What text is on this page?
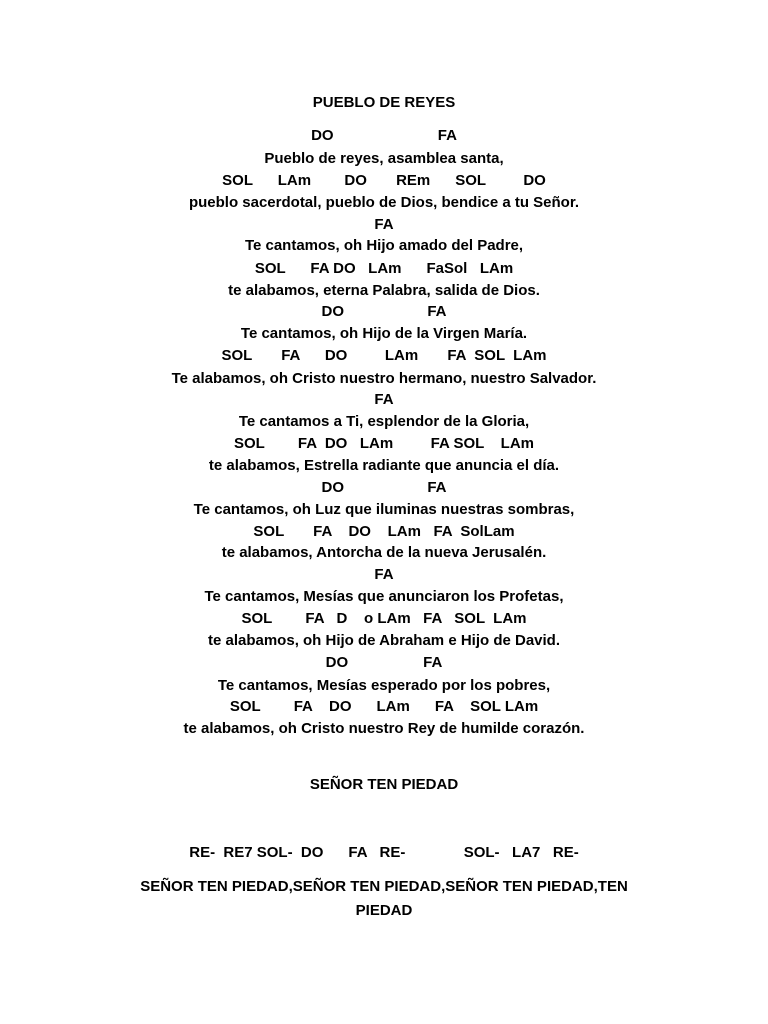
PUEBLO DE REYES
DO                         FA
Pueblo de reyes, asamblea santa,
SOL      LAm        DO       REm      SOL         DO
pueblo sacerdotal, pueblo de Dios, bendice a tu Señor.
FA
Te cantamos, oh Hijo amado del Padre,
SOL      FA DO   LAm      FaSol   LAm
te alabamos, eterna Palabra, salida de Dios.
DO                    FA
Te cantamos, oh Hijo de la Virgen María.
SOL       FA      DO         LAm       FA  SOL  LAm
Te alabamos, oh Cristo nuestro hermano, nuestro Salvador.
FA
Te cantamos a Ti, esplendor de la Gloria,
SOL        FA  DO   LAm         FA SOL    LAm
te alabamos, Estrella radiante que anuncia el día.
DO                    FA
Te cantamos, oh Luz que iluminas nuestras sombras,
SOL       FA    DO    LAm   FA  SolLam
te alabamos, Antorcha de la nueva Jerusalén.
FA
Te cantamos, Mesías que anunciaron los Profetas,
SOL        FA   D    o LAm   FA   SOL  LAm
te alabamos, oh Hijo de Abraham e Hijo de David.
DO                  FA
Te cantamos, Mesías esperado por los pobres,
SOL        FA    DO      LAm      FA    SOL LAm
te alabamos, oh Cristo nuestro Rey de humilde corazón.
SEÑOR TEN PIEDAD
RE-  RE7 SOL-  DO      FA   RE-              SOL-   LA7   RE-
SEÑOR TEN PIEDAD,SEÑOR TEN PIEDAD,SEÑOR TEN PIEDAD,TEN
PIEDAD
